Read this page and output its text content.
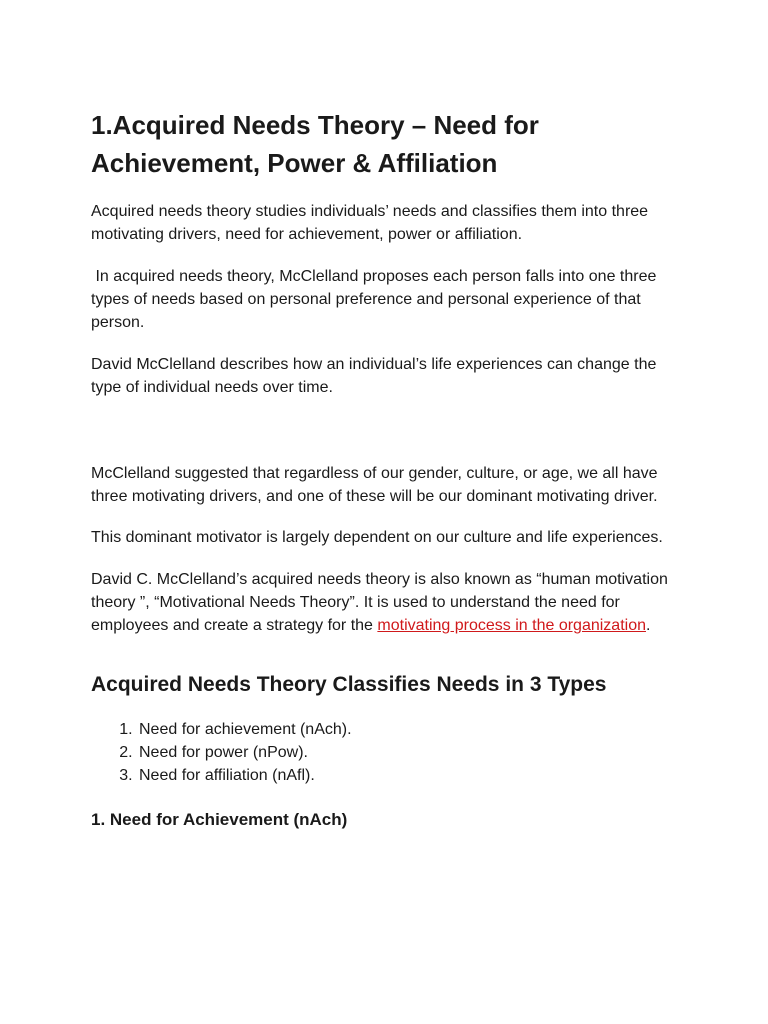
1.Acquired Needs Theory – Need for Achievement, Power & Affiliation

Acquired needs theory studies individuals’ needs and classifies them into three motivating drivers, need for achievement, power or affiliation.

In acquired needs theory, McClelland proposes each person falls into one three types of needs based on personal preference and personal experience of that person.

David McClelland describes how an individual’s life experiences can change the type of individual needs over time.

McClelland suggested that regardless of our gender, culture, or age, we all have three motivating drivers, and one of these will be our dominant motivating driver.

This dominant motivator is largely dependent on our culture and life experiences.

David C. McClelland’s acquired needs theory is also known as “human motivation theory ”, “Motivational Needs Theory”. It is used to understand the need for employees and create a strategy for the motivating process in the organization.

Acquired Needs Theory Classifies Needs in 3 Types
1. Need for achievement (nAch).
2. Need for power (nPow).
3. Need for affiliation (nAfl).
1. Need for Achievement (nAch)
